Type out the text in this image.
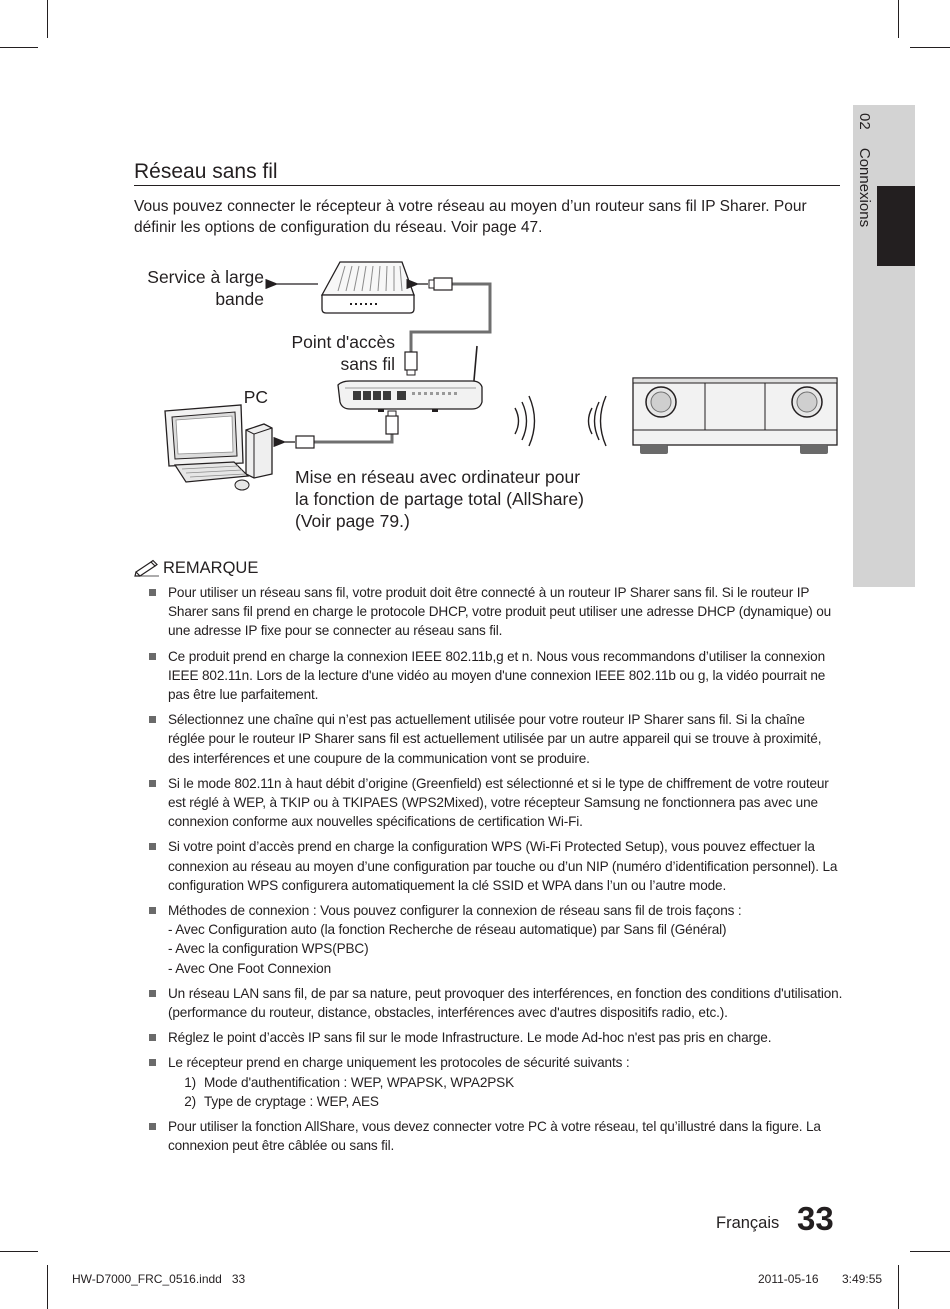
02 Connexions
Réseau sans fil

Vous pouvez connecter le récepteur à votre réseau au moyen d’un routeur sans fil IP Sharer. Pour définir les options de configuration du réseau. Voir page 47.

Service à large bande
Point d'accès sans fil
PC
Mise en réseau avec ordinateur pour la fonction de partage total (AllShare)
(Voir page 79.)
REMARQUE
Pour utiliser un réseau sans fil, votre produit doit être connecté à un routeur IP Sharer sans fil. Si le routeur IP Sharer sans fil prend en charge le protocole DHCP, votre produit peut utiliser une adresse DHCP (dynamique) ou une adresse IP fixe pour se connecter au réseau sans fil.
Ce produit prend en charge la connexion IEEE 802.11b,g et n. Nous vous recommandons d’utiliser la connexion IEEE 802.11n. Lors de la lecture d'une vidéo au moyen d'une connexion IEEE 802.11b ou g, la vidéo pourrait ne pas être lue parfaitement.
Sélectionnez une chaîne qui n’est pas actuellement utilisée pour votre routeur IP Sharer sans fil. Si la chaîne réglée pour le routeur IP Sharer sans fil est actuellement utilisée par un autre appareil qui se trouve à proximité, des interférences et une coupure de la communication vont se produire.
Si le mode 802.11n à haut débit d’origine (Greenfield) est sélectionné et si le type de chiffrement de votre routeur est réglé à WEP, à TKIP ou à TKIPAES (WPS2Mixed), votre récepteur Samsung ne fonctionnera pas avec une connexion conforme aux nouvelles spécifications de certification Wi-Fi.
Si votre point d’accès prend en charge la configuration WPS (Wi-Fi Protected Setup), vous pouvez effectuer la connexion au réseau au moyen d’une configuration par touche ou d’un NIP (numéro d’identification personnel). La configuration WPS configurera automatiquement la clé SSID et WPA dans l’un ou l’autre mode.
Méthodes de connexion : Vous pouvez configurer la connexion de réseau sans fil de trois façons :
- Avec Configuration auto (la fonction Recherche de réseau automatique) par Sans fil (Général)
- Avec la configuration WPS(PBC)
- Avec One Foot Connexion
Un réseau LAN sans fil, de par sa nature, peut provoquer des interférences, en fonction des conditions d'utilisation. (performance du routeur, distance, obstacles, interférences avec d'autres dispositifs radio, etc.).
Réglez le point d’accès IP sans fil sur le mode Infrastructure. Le mode Ad-hoc n'est pas pris en charge.
Le récepteur prend en charge uniquement les protocoles de sécurité suivants :
1) Mode d'authentification : WEP, WPAPSK, WPA2PSK
2) Type de cryptage : WEP, AES
Pour utiliser la fonction AllShare, vous devez connecter votre PC à votre réseau, tel qu’illustré dans la figure. La connexion peut être câblée ou sans fil.
Français 33
HW-D7000_FRC_0516.indd   33	2011-05-16 3:49:55
